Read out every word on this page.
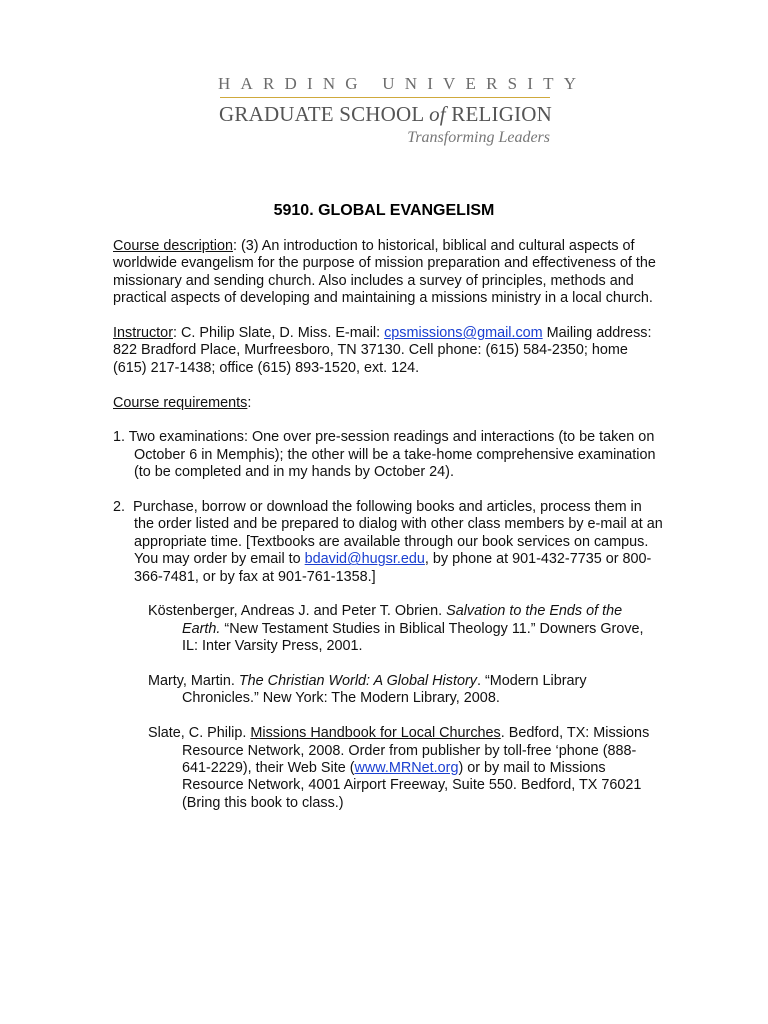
HARDING UNIVERSITY
GRADUATE SCHOOL of RELIGION
Transforming Leaders
5910. GLOBAL EVANGELISM

Course description: (3) An introduction to historical, biblical and cultural aspects of worldwide evangelism for the purpose of mission preparation and effectiveness of the missionary and sending church. Also includes a survey of principles, methods and practical aspects of developing and maintaining a missions ministry in a local church.

Instructor: C. Philip Slate, D. Miss. E-mail: cpsmissions@gmail.com Mailing address: 822 Bradford Place, Murfreesboro, TN 37130. Cell phone: (615) 584-2350; home (615) 217-1438; office (615) 893-1520, ext. 124.

Course requirements:

1. Two examinations: One over pre-session readings and interactions (to be taken on October 6 in Memphis); the other will be a take-home comprehensive examination (to be completed and in my hands by October 24).

2. Purchase, borrow or download the following books and articles, process them in the order listed and be prepared to dialog with other class members by e-mail at an appropriate time. [Textbooks are available through our book services on campus. You may order by email to bdavid@hugsr.edu, by phone at 901-432-7735 or 800-366-7481, or by fax at 901-761-1358.]

Köstenberger, Andreas J. and Peter T. Obrien. Salvation to the Ends of the Earth. “New Testament Studies in Biblical Theology 11.” Downers Grove, IL: Inter Varsity Press, 2001.

Marty, Martin. The Christian World: A Global History. “Modern Library Chronicles.” New York: The Modern Library, 2008.

Slate, C. Philip. Missions Handbook for Local Churches. Bedford, TX: Missions Resource Network, 2008. Order from publisher by toll-free ‘phone (888-641-2229), their Web Site (www.MRNet.org) or by mail to Missions Resource Network, 4001 Airport Freeway, Suite 550. Bedford, TX 76021 (Bring this book to class.)
